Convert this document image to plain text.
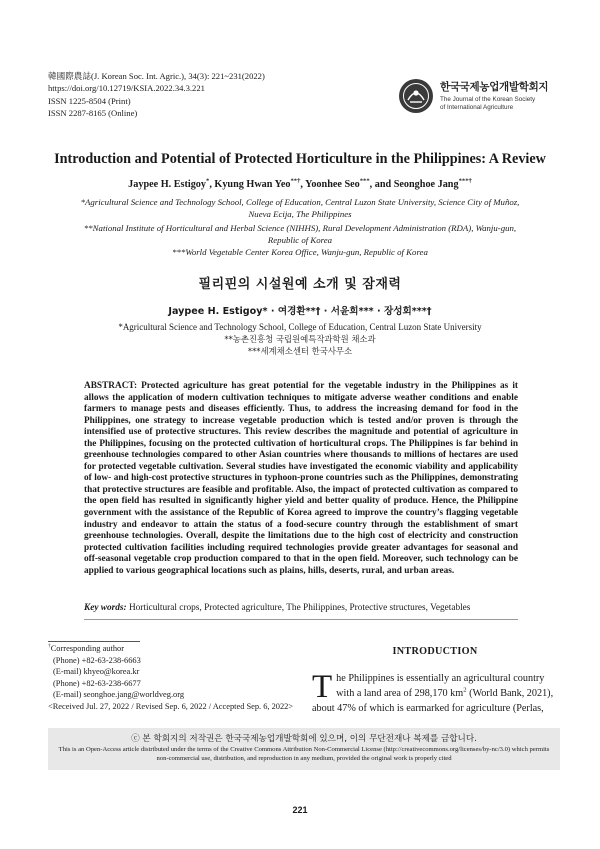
韓國際農誌(J. Korean Soc. Int. Agric.), 34(3): 221~231(2022)
https://doi.org/10.12719/KSIA.2022.34.3.221
ISSN 1225-8504 (Print)
ISSN 2287-8165 (Online)
한국국제농업개발학회지
The Journal of the Korean Society
of International Agriculture
Introduction and Potential of Protected Horticulture in the Philippines: A Review
Jaypee H. Estigoy*, Kyung Hwan Yeo**†, Yoonhee Seo***, and Seonghoe Jang***†
*Agricultural Science and Technology School, College of Education, Central Luzon State University, Science City of Muñoz,
Nueva Ecija, The Philippines
**National Institute of Horticultural and Herbal Science (NIHHS), Rural Development Administration (RDA), Wanju-gun,
Republic of Korea
***World Vegetable Center Korea Office, Wanju-gun, Republic of Korea
필리핀의 시설원예 소개 및 잠재력
Jaypee H. Estigoy* · 여경환**† · 서윤희*** · 장성회***†
*Agricultural Science and Technology School, College of Education, Central Luzon State University
**농촌진흥청 국립원예특작과학원 채소과
***세계채소센터 한국사무소
ABSTRACT: Protected agriculture has great potential for the vegetable industry in the Philippines as it allows the application of modern cultivation techniques to mitigate adverse weather conditions and enable farmers to manage pests and diseases efficiently. Thus, to address the increasing demand for food in the Philippines, one strategy to increase vegetable production which is tested and/or proven is through the intensified use of protective structures. This review describes the magnitude and potential of agriculture in the Philippines, focusing on the protected cultivation of horticultural crops. The Philippines is far behind in greenhouse technologies compared to other Asian countries where thousands to millions of hectares are used for protected vegetable cultivation. Several studies have investigated the economic viability and applicability of low- and high-cost protective structures in typhoon-prone countries such as the Philippines, demonstrating that protective structures are feasible and profitable. Also, the impact of protected cultivation as compared to the open field has resulted in significantly higher yield and better quality of produce. Hence, the Philippine government with the assistance of the Republic of Korea agreed to improve the country’s flagging vegetable industry and endeavor to attain the status of a food-secure country through the establishment of smart greenhouse technologies. Overall, despite the limitations due to the high cost of electricity and construction protected cultivation facilities including required technologies provide greater advantages for seasonal and off-seasonal vegetable crop production compared to that in the open field. Moreover, such technology can be applied to various geographical locations such as plains, hills, deserts, rural, and urban areas.
Key words: Horticultural crops, Protected agriculture, The Philippines, Protective structures, Vegetables
†Corresponding author
(Phone) +82-63-238-6663
(E-mail) khyeo@korea.kr
(Phone) +82-63-238-6677
(E-mail) seonghoe.jang@worldveg.org
<Received Jul. 27, 2022 / Revised Sep. 6, 2022 / Accepted Sep. 6, 2022>
INTRODUCTION
T he Philippines is essentially an agricultural country
with a land area of 298,170 $km^2$ (World Bank, 2021),
about 47% of which is earmarked for agriculture (Perlas,
ⓒ 본 학회지의 저작권은 한국국제농업개발학회에 있으며, 이의 무단전재나 복제를 금합니다.
This is an Open-Access article distributed under the terms of the Creative Commons Attribution Non-Commercial License (http://creativecommons.org/licenses/by-nc/3.0) which permits non-commercial use, distribution, and reproduction in any medium, provided the original work is properly cited
221
